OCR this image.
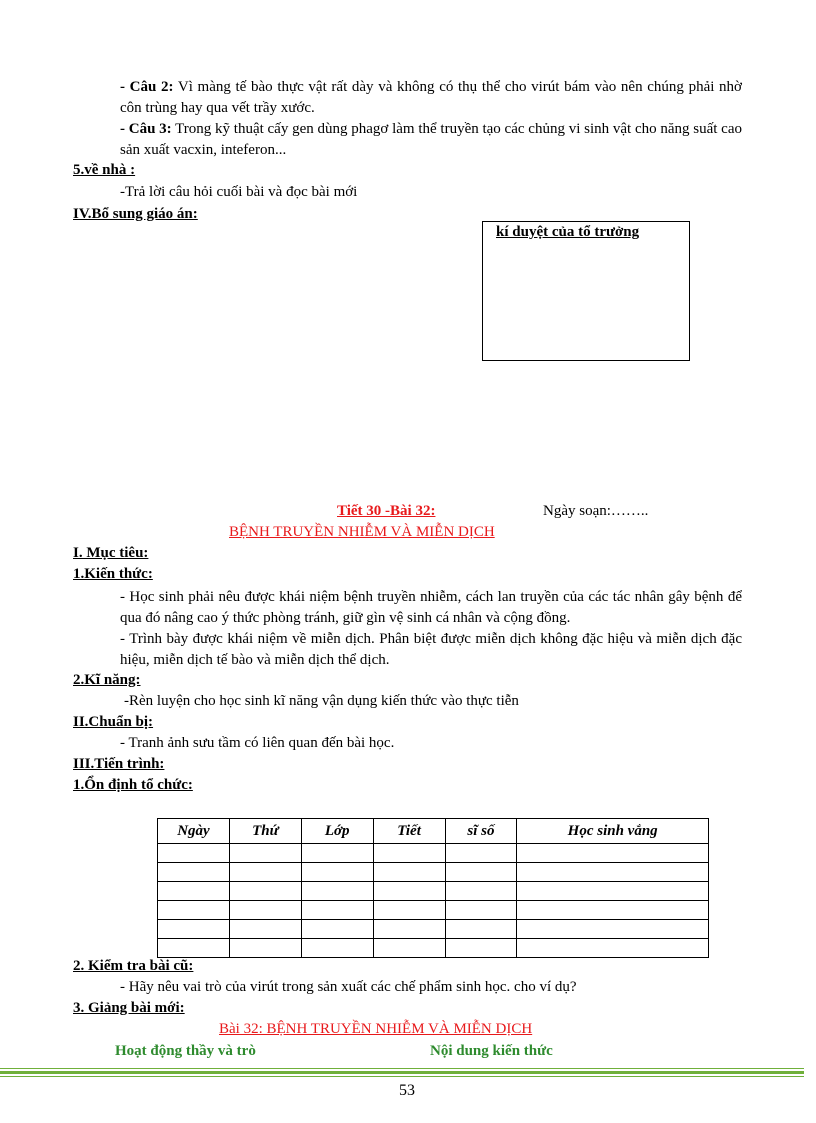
- Câu 2: Vì màng tế bào thực vật rất dày và không có thụ thể cho virút bám vào nên chúng phải nhờ côn trùng hay qua vết trầy xước.
- Câu 3: Trong kỹ thuật cấy gen dùng phagơ làm thể truyền tạo các chủng vi sinh vật cho năng suất cao sản xuất vacxin, inteferon...
5.về nhà :
-Trả lời câu hỏi cuối bài và đọc bài mới
IV.Bổ sung giáo án:
kí duyệt của tổ trưởng
Tiết 30 -Bài 32:	Ngày soạn:……..
BỆNH TRUYỀN NHIỄM VÀ MIỄN DỊCH
I. Mục tiêu:
1.Kiến thức:
- Học sinh phải nêu được khái niệm bệnh truyền nhiễm, cách lan truyền của các tác nhân gây bệnh để qua đó nâng cao ý thức phòng tránh, giữ gìn vệ sinh cá nhân và cộng đồng.
- Trình bày được khái niệm về miễn dịch. Phân biệt được miễn dịch không đặc hiệu và miễn dịch đặc hiệu, miễn dịch tế bào và miễn dịch thể dịch.
2.Kĩ năng:
-Rèn luyện cho học sinh kĩ năng vận dụng kiến thức vào thực tiễn
II.Chuẩn bị:
- Tranh ảnh sưu tầm có liên quan đến bài học.
III.Tiến trình:
1.Ổn định tổ chức:
Ngày	Thứ	Lớp	Tiết	sĩ số	Học sinh vắng

2. Kiểm tra bài cũ:
- Hãy nêu vai trò của virút trong sản xuất các chế phẩm sinh học. cho ví dụ?
3. Giảng bài mới:
Bài 32: BỆNH TRUYỀN NHIỄM VÀ MIỄN DỊCH
Hoạt động thầy và trò	Nội dung kiến thức
53
